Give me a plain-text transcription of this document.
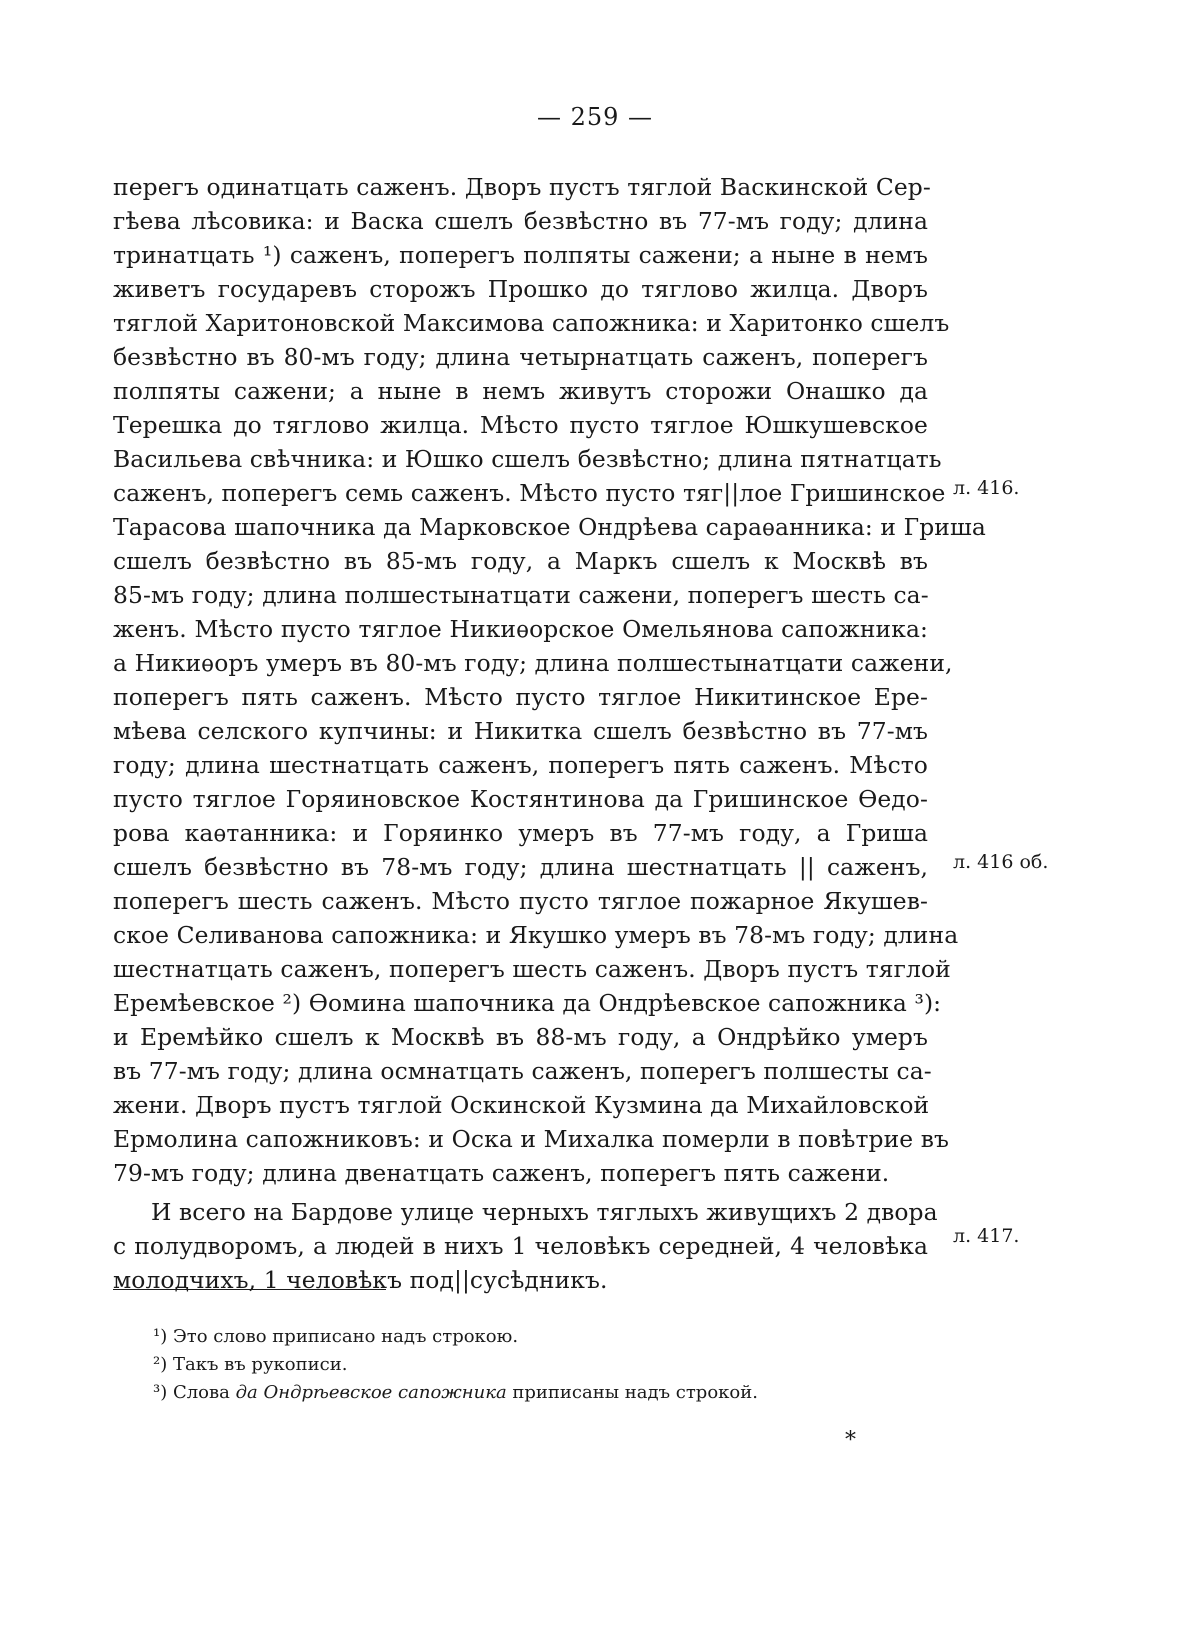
— 259 —
перегъ одинатцать саженъ. Дворъ пустъ тяглой Васкинской Сер-
гѣева лѣсовика: и Васка сшелъ безвѣстно въ 77-мъ году; длина
тринатцать ¹) саженъ, поперегъ полпяты сажени; а ныне в немъ
живетъ государевъ сторожъ Прошко до тяглово жилца. Дворъ
тяглой Харитоновской Максимова сапожника: и Харитонко сшелъ
безвѣстно въ 80-мъ году; длина четырнатцать саженъ, поперегъ
полпяты сажени; а ныне в немъ живутъ сторожи Онашко да
Терешка до тяглово жилца. Мѣсто пусто тяглое Юшкушевское
Васильева свѣчника: и Юшко сшелъ безвѣстно; длина пятнатцать
саженъ, поперегъ семь саженъ. Мѣсто пусто тяг||лое Гришинское
Тарасова шапочника да Марковское Ондрѣева сараѳанника: и Гриша
сшелъ безвѣстно въ 85-мъ году, а Маркъ сшелъ к Москвѣ въ
85-мъ году; длина полшестынатцати сажени, поперегъ шесть са-
женъ. Мѣсто пусто тяглое Никиѳорское Омельянова сапожника:
а Никиѳоръ умеръ въ 80-мъ году; длина полшестынатцати сажени,
поперегъ пять саженъ. Мѣсто пусто тяглое Никитинское Ере-
мѣева селского купчины: и Никитка сшелъ безвѣстно въ 77-мъ
году; длина шестнатцать саженъ, поперегъ пять саженъ. Мѣсто
пусто тяглое Горяиновское Костянтинова да Гришинское Ѳедо-
рова каѳтанника: и Горяинко умеръ въ 77-мъ году, а Гриша
сшелъ безвѣстно въ 78-мъ году; длина шестнатцать || саженъ,
поперегъ шесть саженъ. Мѣсто пусто тяглое пожарное Якушев-
ское Селиванова сапожника: и Якушко умеръ въ 78-мъ году; длина
шестнатцать саженъ, поперегъ шесть саженъ. Дворъ пустъ тяглой
Еремѣевское ²) Ѳомина шапочника да Ондрѣевское сапожника ³):
и Еремѣйко сшелъ к Москвѣ въ 88-мъ году, а Ондрѣйко умеръ
въ 77-мъ году; длина осмнатцать саженъ, поперегъ полшесты са-
жени. Дворъ пустъ тяглой Оскинской Кузмина да Михайловской
Ермолина сапожниковъ: и Оска и Михалка померли в повѣтрие въ
79-мъ году; длина двенатцать саженъ, поперегъ пять сажени.
И всего на Бардове улице черныхъ тяглыхъ живущихъ 2 двора
с полудворомъ, а людей в нихъ 1 человѣкъ середней, 4 человѣка
молодчихъ, 1 человѣкъ под||сусѣдникъ.
л. 416.
л. 416 об.
л. 417.
¹) Это слово приписано надъ строкою.
²) Такъ въ рукописи.
³) Слова да Ондрѣевское сапожника приписаны надъ строкой.
*
